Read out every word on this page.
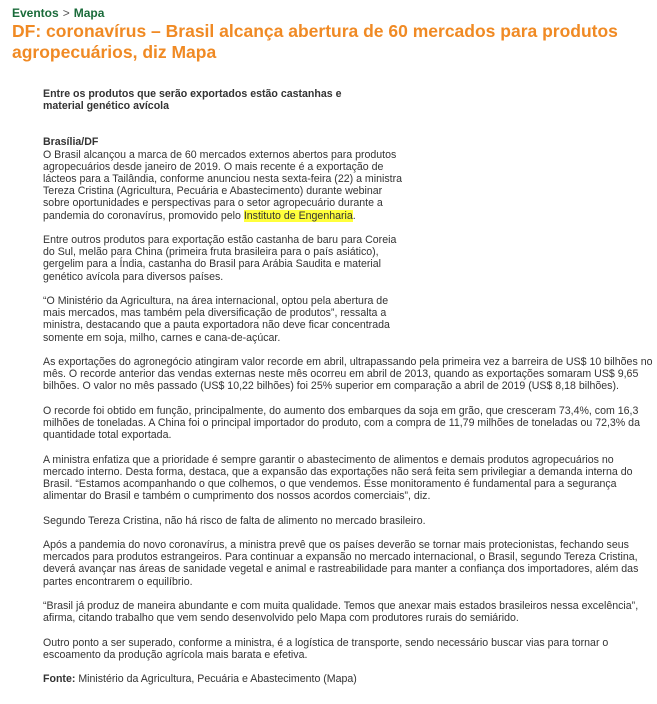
Eventos > Mapa
DF: coronavírus – Brasil alcança abertura de 60 mercados para produtos agropecuários, diz Mapa

Entre os produtos que serão exportados estão castanhas e material genético avícola

Brasília/DF

O Brasil alcançou a marca de 60 mercados externos abertos para produtos agropecuários desde janeiro de 2019. O mais recente é a exportação de lácteos para a Tailândia, conforme anunciou nesta sexta-feira (22) a ministra Tereza Cristina (Agricultura, Pecuária e Abastecimento) durante webinar sobre oportunidades e perspectivas para o setor agropecuário durante a pandemia do coronavírus, promovido pelo Instituto de Engenharia.

Entre outros produtos para exportação estão castanha de baru para Coreia do Sul, melão para China (primeira fruta brasileira para o país asiático), gergelim para a Índia, castanha do Brasil para Arábia Saudita e material genético avícola para diversos países.

“O Ministério da Agricultura, na área internacional, optou pela abertura de mais mercados, mas também pela diversificação de produtos”, ressalta a ministra, destacando que a pauta exportadora não deve ficar concentrada somente em soja, milho, carnes e cana-de-açúcar.

As exportações do agronegócio atingiram valor recorde em abril, ultrapassando pela primeira vez a barreira de US$ 10 bilhões no mês. O recorde anterior das vendas externas neste mês ocorreu em abril de 2013, quando as exportações somaram US$ 9,65 bilhões. O valor no mês passado (US$ 10,22 bilhões) foi 25% superior em comparação a abril de 2019 (US$ 8,18 bilhões).

O recorde foi obtido em função, principalmente, do aumento dos embarques da soja em grão, que cresceram 73,4%, com 16,3 milhões de toneladas. A China foi o principal importador do produto, com a compra de 11,79 milhões de toneladas ou 72,3% da quantidade total exportada.

A ministra enfatiza que a prioridade é sempre garantir o abastecimento de alimentos e demais produtos agropecuários no mercado interno. Desta forma, destaca, que a expansão das exportações não será feita sem privilegiar a demanda interna do Brasil. “Estamos acompanhando o que colhemos, o que vendemos. Esse monitoramento é fundamental para a segurança alimentar do Brasil e também o cumprimento dos nossos acordos comerciais”, diz.

Segundo Tereza Cristina, não há risco de falta de alimento no mercado brasileiro.

Após a pandemia do novo coronavírus, a ministra prevê que os países deverão se tornar mais protecionistas, fechando seus mercados para produtos estrangeiros. Para continuar a expansão no mercado internacional, o Brasil, segundo Tereza Cristina, deverá avançar nas áreas de sanidade vegetal e animal e rastreabilidade para manter a confiança dos importadores, além das partes encontrarem o equilíbrio.

“Brasil já produz de maneira abundante e com muita qualidade. Temos que anexar mais estados brasileiros nessa excelência”, afirma, citando trabalho que vem sendo desenvolvido pelo Mapa com produtores rurais do semiárido.

Outro ponto a ser superado, conforme a ministra, é a logística de transporte, sendo necessário buscar vias para tornar o escoamento da produção agrícola mais barata e efetiva.

Fonte: Ministério da Agricultura, Pecuária e Abastecimento (Mapa)
